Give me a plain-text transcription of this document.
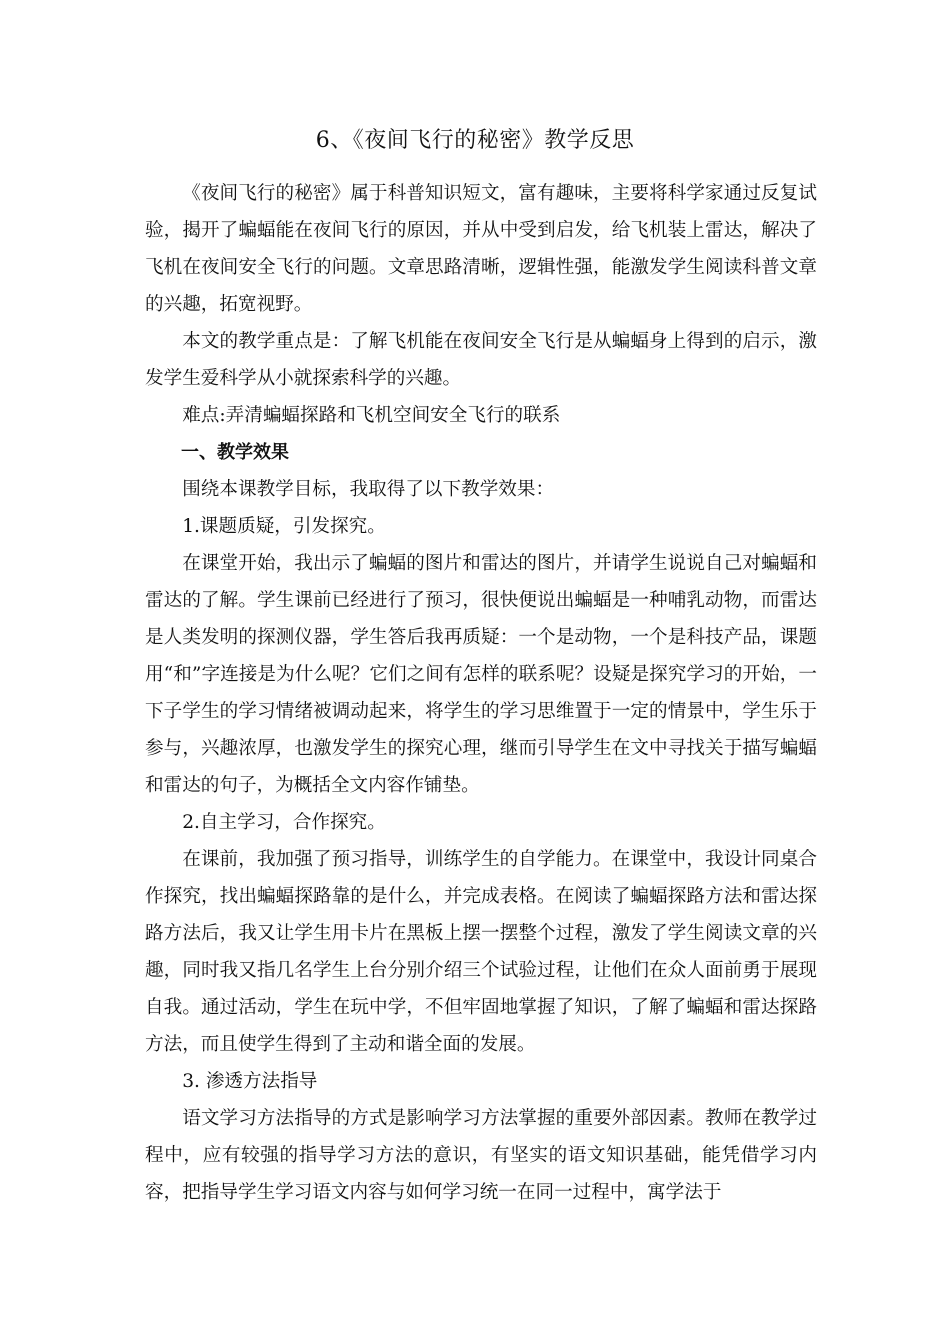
6、《夜间飞行的秘密》教学反思

《夜间飞行的秘密》属于科普知识短文，富有趣味，主要将科学家通过反复试验，揭开了蝙蝠能在夜间飞行的原因，并从中受到启发，给飞机装上雷达，解决了飞机在夜间安全飞行的问题。文章思路清晰，逻辑性强，能激发学生阅读科普文章的兴趣，拓宽视野。

本文的教学重点是：了解飞机能在夜间安全飞行是从蝙蝠身上得到的启示，激发学生爱科学从小就探索科学的兴趣。

难点:弄清蝙蝠探路和飞机空间安全飞行的联系

一、教学效果

围绕本课教学目标，我取得了以下教学效果：

1.课题质疑，引发探究。

在课堂开始，我出示了蝙蝠的图片和雷达的图片，并请学生说说自己对蝙蝠和雷达的了解。学生课前已经进行了预习，很快便说出蝙蝠是一种哺乳动物，而雷达是人类发明的探测仪器，学生答后我再质疑：一个是动物，一个是科技产品，课题用“和”字连接是为什么呢？它们之间有怎样的联系呢？设疑是探究学习的开始，一下子学生的学习情绪被调动起来，将学生的学习思维置于一定的情景中，学生乐于参与，兴趣浓厚，也激发学生的探究心理，继而引导学生在文中寻找关于描写蝙蝠和雷达的句子，为概括全文内容作铺垫。

2.自主学习，合作探究。

在课前，我加强了预习指导，训练学生的自学能力。在课堂中，我设计同桌合作探究，找出蝙蝠探路靠的是什么，并完成表格。在阅读了蝙蝠探路方法和雷达探路方法后，我又让学生用卡片在黑板上摆一摆整个过程，激发了学生阅读文章的兴趣，同时我又指几名学生上台分别介绍三个试验过程，让他们在众人面前勇于展现自我。通过活动，学生在玩中学，不但牢固地掌握了知识，了解了蝙蝠和雷达探路方法，而且使学生得到了主动和谐全面的发展。

3. 渗透方法指导

语文学习方法指导的方式是影响学习方法掌握的重要外部因素。教师在教学过程中，应有较强的指导学习方法的意识，有坚实的语文知识基础，能凭借学习内容，把指导学生学习语文内容与如何学习统一在同一过程中，寓学法于
